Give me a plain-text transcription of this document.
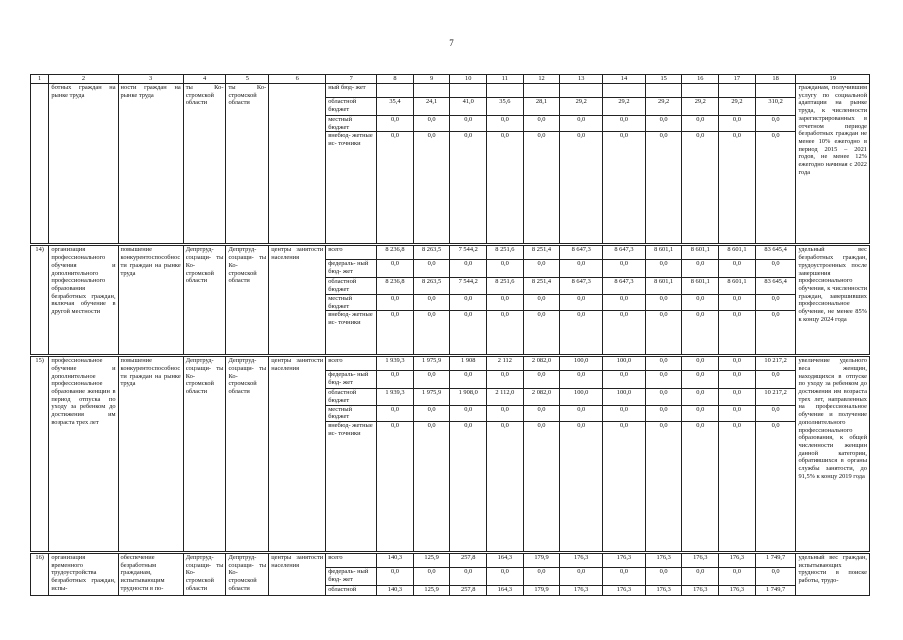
7
1	2	3	4	5	6	7	8	9	10	11	12	13	14	15	16	17	18	19
	ботных граждан на рынке труда	ности граждан на рынке труда	ты Ко- стромской области	ты Ко- стромской области		ный бюд- жет												гражданам, получившим услугу по социальной адаптации на рынке труда, к численности зарегистрированных в отчетном периоде безработных граждан не менее 10% ежегодно в период 2015 – 2021 годов, не менее 12% ежегодно начиная с 2022 года
						областной бюджет	35,4	24,1	41,0	35,6	28,1	29,2	29,2	29,2	29,2	29,2	310,2	
						местный бюджет	0,0	0,0	0,0	0,0	0,0	0,0	0,0	0,0	0,0	0,0	0,0	
						внебюд- жетные ис- точники	0,0	0,0	0,0	0,0	0,0	0,0	0,0	0,0	0,0	0,0	0,0	

14)	организация профессионального обучения и дополнительного профессионального образования безработных граждан, включая обучение в другой местности	повышение конкурентоспособности граждан на рынке труда	Депртруд- соцзащи- ты Ко- стромской области	Депртруд- соцзащи- ты Ко- стромской области	центры занятости населения	всего	8 236,8	8 263,5	7 544,2	8 251,6	8 251,4	8 647,3	8 647,3	8 601,1	8 601,1	8 601,1	83 645,4	удельный вес безработных граждан, трудоустроенных после завершения профессионального обучения, к численности граждан, завершивших профессиональное обучение, не менее 85% к концу 2024 года
						федераль- ный бюд- жет	0,0	0,0	0,0	0,0	0,0	0,0	0,0	0,0	0,0	0,0	0,0	
						областной бюджет	8 236,8	8 263,5	7 544,2	8 251,6	8 251,4	8 647,3	8 647,3	8 601,1	8 601,1	8 601,1	83 645,4	
						местный бюджет	0,0	0,0	0,0	0,0	0,0	0,0	0,0	0,0	0,0	0,0	0,0	
						внебюд- жетные ис- точники	0,0	0,0	0,0	0,0	0,0	0,0	0,0	0,0	0,0	0,0	0,0	

15)	профессиональное обучение и дополнительное профессиональное образование женщин в период отпуска по уходу за ребенком до достижения им возраста трех лет	повышение конкурентоспособности граждан на рынке труда	Депртруд- соцзащи- ты Ко- стромской области	Депртруд- соцзащи- ты Ко- стромской области	центры занятости населения	всего	1 939,3	1 975,9	1 908	2 112	2 082,0	100,0	100,0	0,0	0,0	0,0	10 217,2	увеличение удельного веса женщин, находящихся в отпуске по уходу за ребенком до достижения им возраста трех лет, направленных на профессиональное обучение и получение дополнительного профессионального образования, к общей численности женщин данной категории, обратившихся в органы службы занятости, до 91,5% к концу 2019 года
						федераль- ный бюд- жет	0,0	0,0	0,0	0,0	0,0	0,0	0,0	0,0	0,0	0,0	0,0	
						областной бюджет	1 939,3	1 975,9	1 908,0	2 112,0	2 082,0	100,0	100,0	0,0	0,0	0,0	10 217,2	
						местный бюджет	0,0	0,0	0,0	0,0	0,0	0,0	0,0	0,0	0,0	0,0	0,0	
						внебюд- жетные ис- точники	0,0	0,0	0,0	0,0	0,0	0,0	0,0	0,0	0,0	0,0	0,0	

16)	организация временного трудоустройства безработных граждан, испы-	обеспечение безработным гражданам, испытывающим трудности в по-	Депртруд- соцзащи- ты Ко- стромской области	Депртруд- соцзащи- ты Ко- стромской области	центры занятости населения	всего	140,3	125,9	257,8	164,3	179,9	176,3	176,3	176,3	176,3	176,3	1 749,7	удельный вес граждан, испытывающих трудности в поиске работы, трудо-
						федераль- ный бюд- жет	0,0	0,0	0,0	0,0	0,0	0,0	0,0	0,0	0,0	0,0	0,0	
						областной	140,3	125,9	257,8	164,3	179,9	176,3	176,3	176,3	176,3	176,3	1 749,7	
